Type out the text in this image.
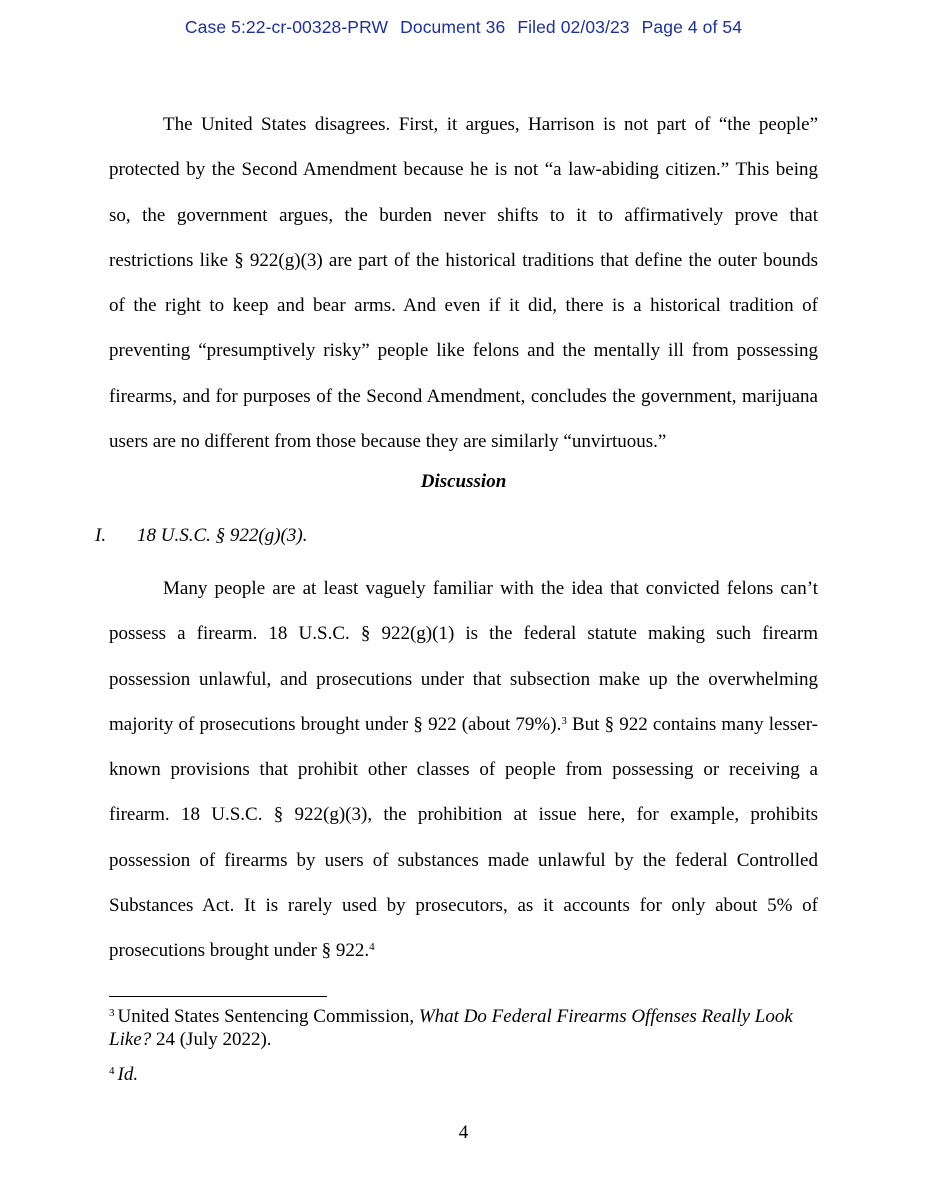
Case 5:22-cr-00328-PRW Document 36 Filed 02/03/23 Page 4 of 54

The United States disagrees. First, it argues, Harrison is not part of “the people” protected by the Second Amendment because he is not “a law-abiding citizen.” This being so, the government argues, the burden never shifts to it to affirmatively prove that restrictions like § 922(g)(3) are part of the historical traditions that define the outer bounds of the right to keep and bear arms. And even if it did, there is a historical tradition of preventing “presumptively risky” people like felons and the mentally ill from possessing firearms, and for purposes of the Second Amendment, concludes the government, marijuana users are no different from those because they are similarly “unvirtuous.”

Discussion
I. 18 U.S.C. § 922(g)(3).

Many people are at least vaguely familiar with the idea that convicted felons can’t possess a firearm. 18 U.S.C. § 922(g)(1) is the federal statute making such firearm possession unlawful, and prosecutions under that subsection make up the overwhelming majority of prosecutions brought under § 922 (about 79%).$^3$ But § 922 contains many lesser-known provisions that prohibit other classes of people from possessing or receiving a firearm. 18 U.S.C. § 922(g)(3), the prohibition at issue here, for example, prohibits possession of firearms by users of substances made unlawful by the federal Controlled Substances Act. It is rarely used by prosecutors, as it accounts for only about 5% of prosecutions brought under § 922.$^4$

$^3$ United States Sentencing Commission, What Do Federal Firearms Offenses Really Look Like? 24 (July 2022).
$^4$ Id.
4
